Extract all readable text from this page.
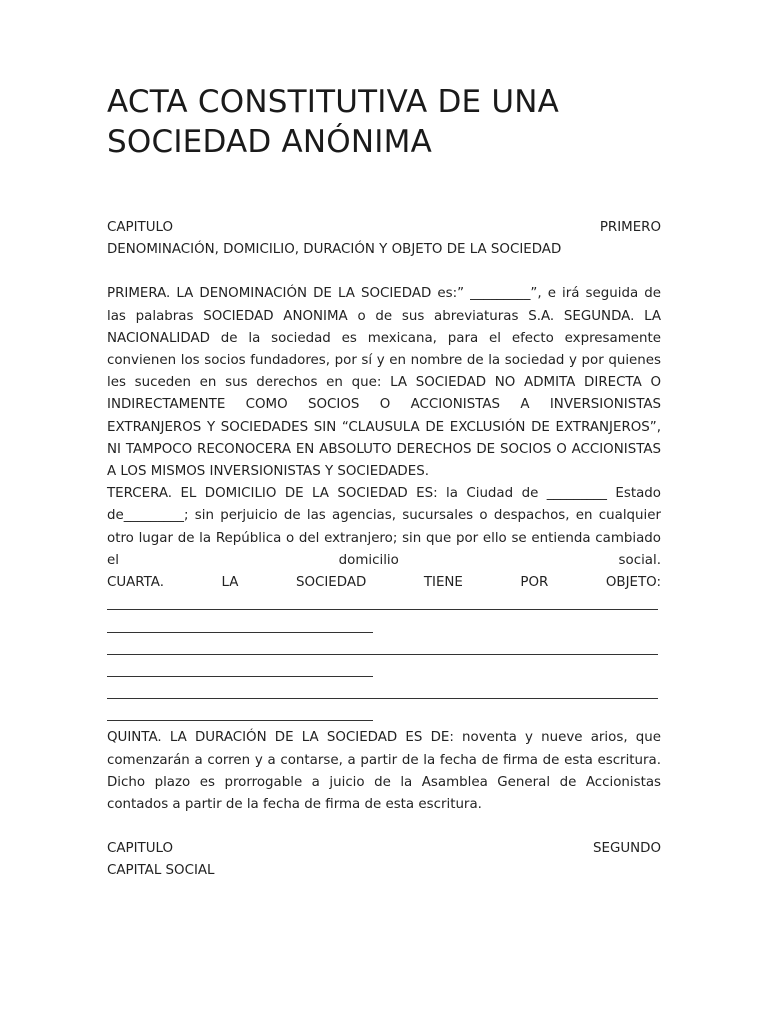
ACTA CONSTITUTIVA DE UNA
SOCIEDAD ANÓNIMA
CAPITULO	PRIMERO
DENOMINACIÓN, DOMICILIO, DURACIÓN Y OBJETO DE LA SOCIEDAD

PRIMERA. LA DENOMINACIÓN DE LA SOCIEDAD es:” _________”, e irá seguida de las palabras SOCIEDAD ANONIMA o de sus abreviaturas S.A. SEGUNDA. LA NACIONALIDAD de la sociedad es mexicana, para el efecto expresamente convienen los socios fundadores, por sí y en nombre de la sociedad y por quienes les suceden en sus derechos en que: LA SOCIEDAD NO ADMITA DIRECTA O INDIRECTAMENTE COMO SOCIOS O ACCIONISTAS A INVERSIONISTAS EXTRANJEROS Y SOCIEDADES SIN “CLAUSULA DE EXCLUSIÓN DE EXTRANJEROS”, NI TAMPOCO RECONOCERA EN ABSOLUTO DERECHOS DE SOCIOS O ACCIONISTAS A LOS MISMOS INVERSIONISTAS Y SOCIEDADES.

TERCERA. EL DOMICILIO DE LA SOCIEDAD ES: la Ciudad de _________ Estado de_________; sin perjuicio de las agencias, sucursales o despachos, en cualquier otro lugar de la República o del extranjero; sin que por ello se entienda cambiado el domicilio social.

CUARTA. LA SOCIEDAD TIENE POR OBJETO:

QUINTA. LA DURACIÓN DE LA SOCIEDAD ES DE: noventa y nueve arios, que comenzarán a corren y a contarse, a partir de la fecha de firma de esta escritura. Dicho plazo es prorrogable a juicio de la Asamblea General de Accionistas contados a partir de la fecha de firma de esta escritura.

CAPITULO	SEGUNDO
CAPITAL SOCIAL
